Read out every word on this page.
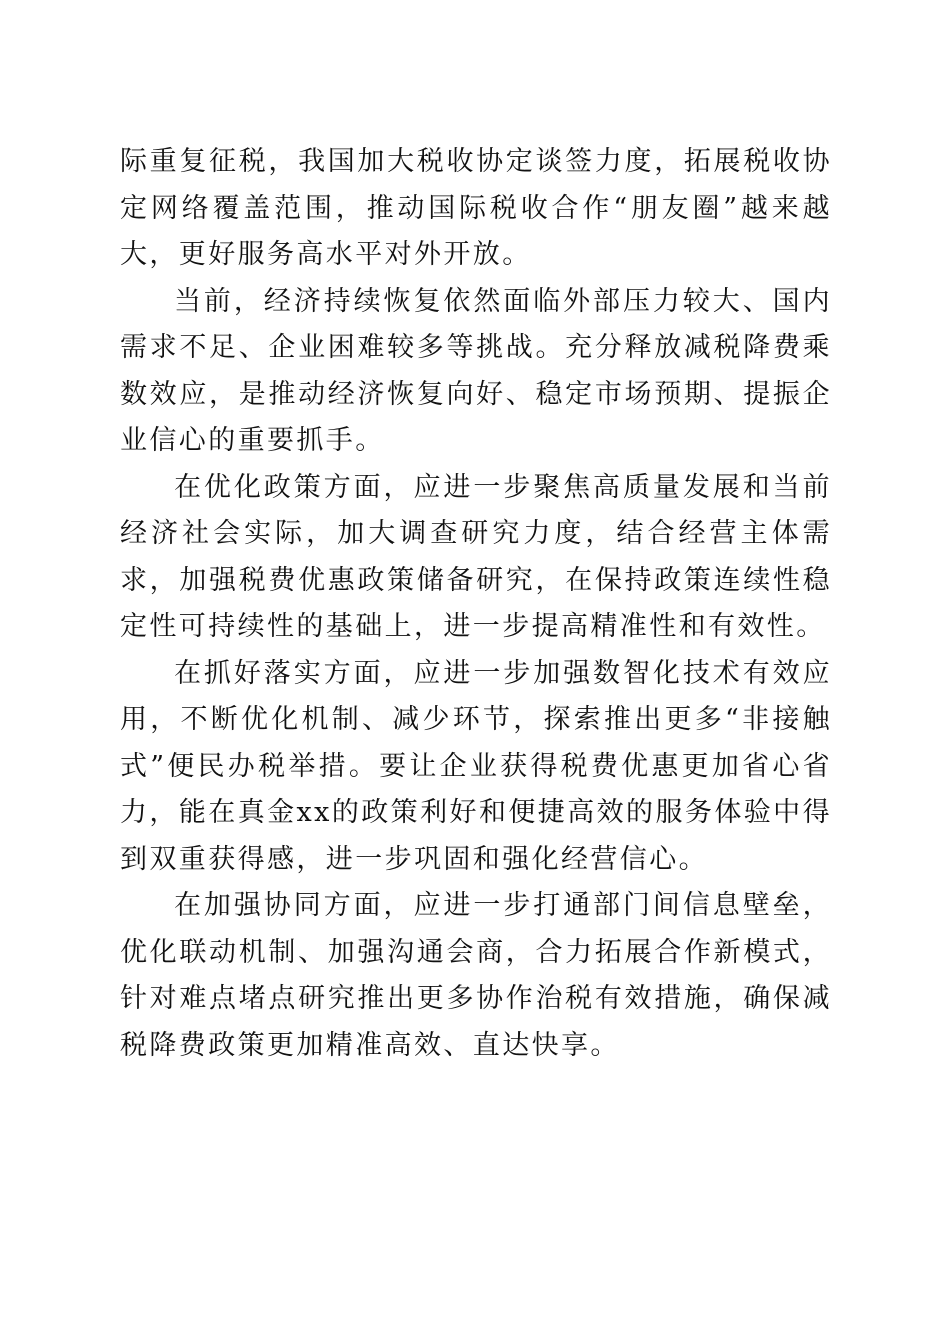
际重复征税，我国加大税收协定谈签力度，拓展税收协定网络覆盖范围，推动国际税收合作“朋友圈”越来越大，更好服务高水平对外开放。

当前，经济持续恢复依然面临外部压力较大、国内需求不足、企业困难较多等挑战。充分释放减税降费乘数效应，是推动经济恢复向好、稳定市场预期、提振企业信心的重要抓手。

在优化政策方面，应进一步聚焦高质量发展和当前经济社会实际，加大调查研究力度，结合经营主体需求，加强税费优惠政策储备研究，在保持政策连续性稳定性可持续性的基础上，进一步提高精准性和有效性。

在抓好落实方面，应进一步加强数智化技术有效应用，不断优化机制、减少环节，探索推出更多“非接触式”便民办税举措。要让企业获得税费优惠更加省心省力，能在真金xx的政策利好和便捷高效的服务体验中得到双重获得感，进一步巩固和强化经营信心。

在加强协同方面，应进一步打通部门间信息壁垒，优化联动机制、加强沟通会商，合力拓展合作新模式，针对难点堵点研究推出更多协作治税有效措施，确保减税降费政策更加精准高效、直达快享。
